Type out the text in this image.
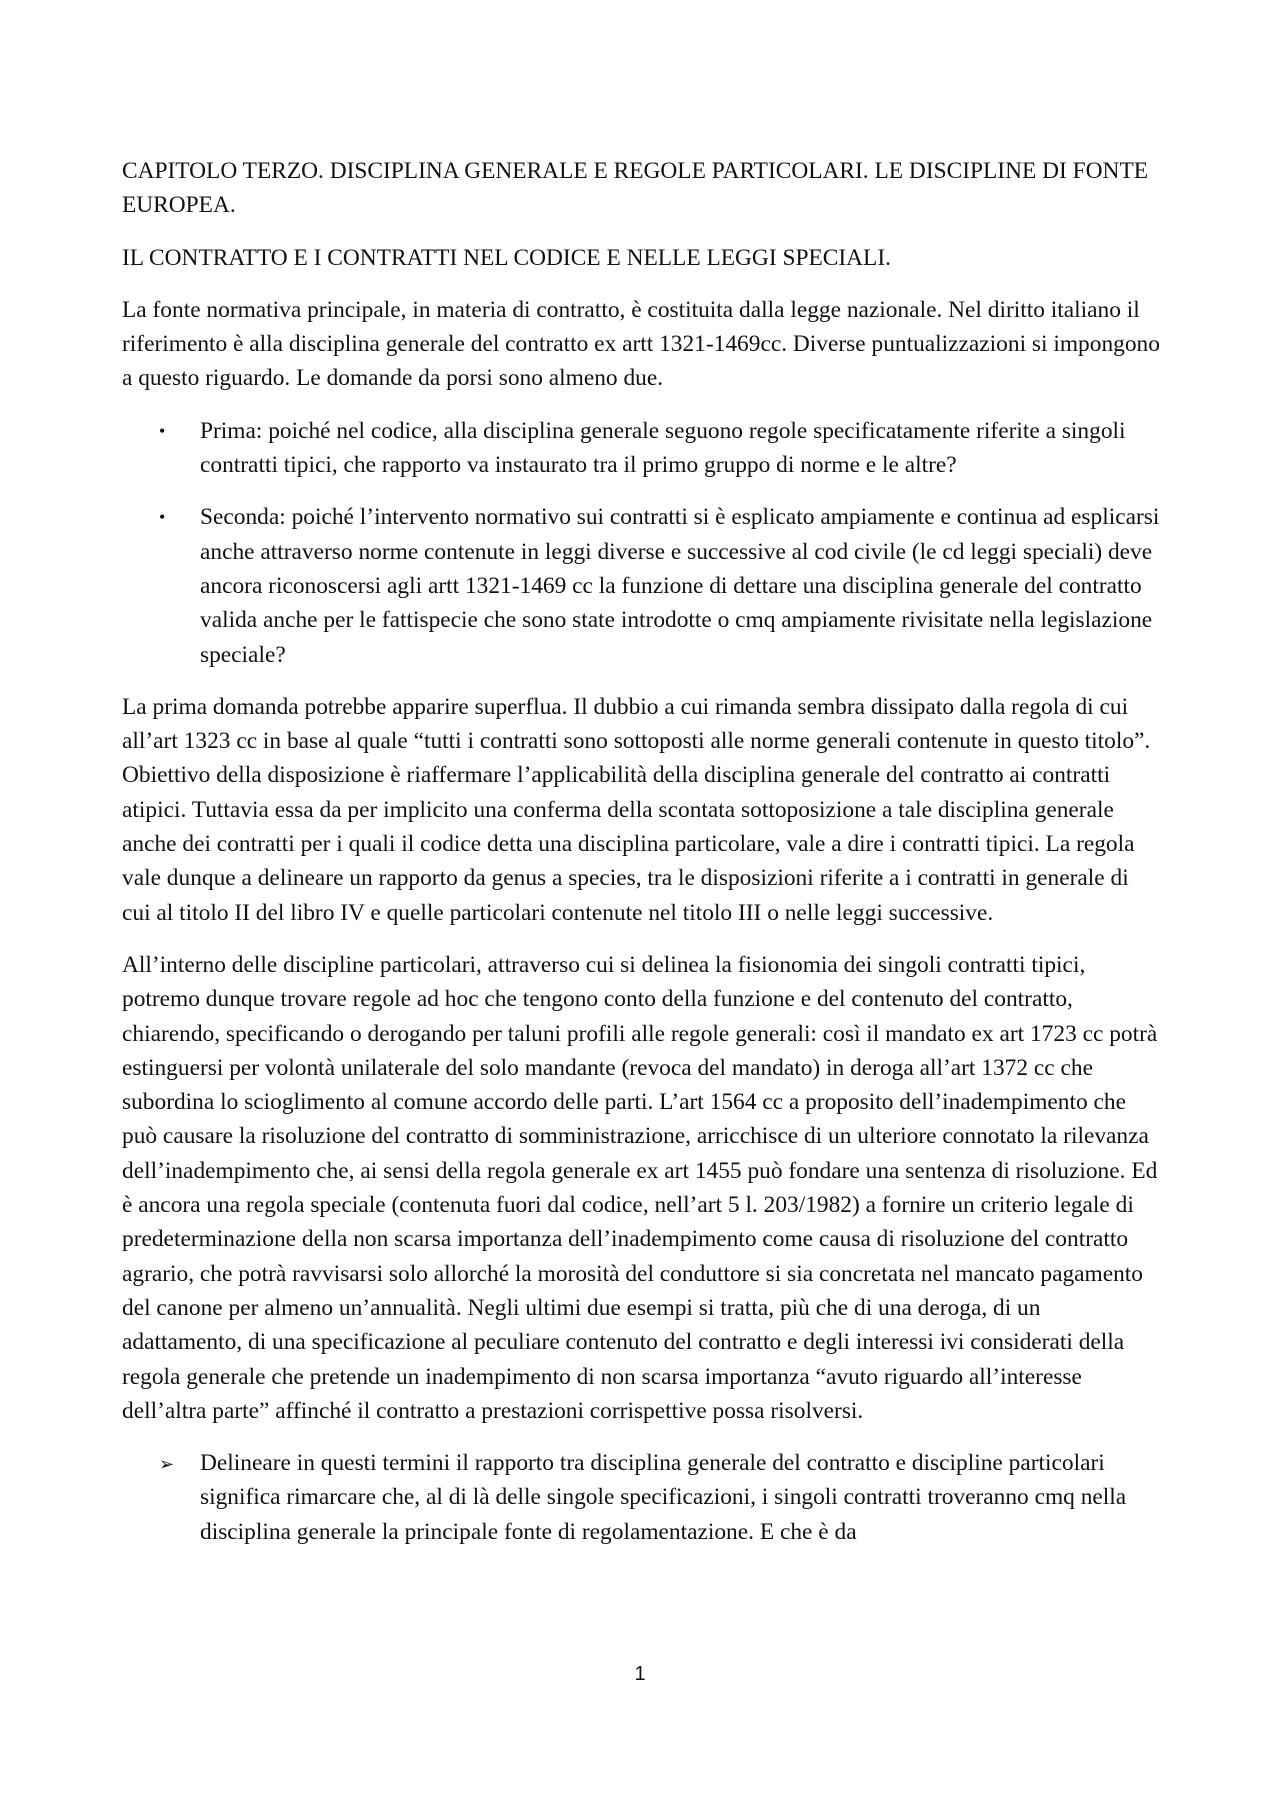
CAPITOLO TERZO. DISCIPLINA GENERALE E REGOLE PARTICOLARI. LE DISCIPLINE DI FONTE EUROPEA.

IL CONTRATTO E I CONTRATTI NEL CODICE E NELLE LEGGI SPECIALI.

La fonte normativa principale, in materia di contratto, è costituita dalla legge nazionale. Nel diritto italiano il riferimento è alla disciplina generale del contratto ex artt 1321-1469cc. Diverse puntualizzazioni si impongono a questo riguardo. Le domande da porsi sono almeno due.

• Prima: poiché nel codice, alla disciplina generale seguono regole specificatamente riferite a singoli contratti tipici, che rapporto va instaurato tra il primo gruppo di norme e le altre?
• Seconda: poiché l’intervento normativo sui contratti si è esplicato ampiamente e continua ad esplicarsi anche attraverso norme contenute in leggi diverse e successive al cod civile (le cd leggi speciali) deve ancora riconoscersi agli artt 1321-1469 cc la funzione di dettare una disciplina generale del contratto valida anche per le fattispecie che sono state introdotte o cmq ampiamente rivisitate nella legislazione speciale?

La prima domanda potrebbe apparire superflua. Il dubbio a cui rimanda sembra dissipato dalla regola di cui all’art 1323 cc in base al quale “tutti i contratti sono sottoposti alle norme generali contenute in questo titolo”. Obiettivo della disposizione è riaffermare l’applicabilità della disciplina generale del contratto ai contratti atipici. Tuttavia essa da per implicito una conferma della scontata sottoposizione a tale disciplina generale anche dei contratti per i quali il codice detta una disciplina particolare, vale a dire i contratti tipici. La regola vale dunque a delineare un rapporto da genus a species, tra le disposizioni riferite a i contratti in generale di cui al titolo II del libro IV e quelle particolari contenute nel titolo III o nelle leggi successive.

All’interno delle discipline particolari, attraverso cui si delinea la fisionomia dei singoli contratti tipici, potremo dunque trovare regole ad hoc che tengono conto della funzione e del contenuto del contratto, chiarendo, specificando o derogando per taluni profili alle regole generali: così il mandato ex art 1723 cc potrà estinguersi per volontà unilaterale del solo mandante (revoca del mandato) in deroga all’art 1372 cc che subordina lo scioglimento al comune accordo delle parti. L’art 1564 cc a proposito dell’inadempimento che può causare la risoluzione del contratto di somministrazione, arricchisce di un ulteriore connotato la rilevanza dell’inadempimento che, ai sensi della regola generale ex art 1455 può fondare una sentenza di risoluzione. Ed è ancora una regola speciale (contenuta fuori dal codice, nell’art 5 l. 203/1982) a fornire un criterio legale di predeterminazione della non scarsa importanza dell’inadempimento come causa di risoluzione del contratto agrario, che potrà ravvisarsi solo allorché la morosità del conduttore si sia concretata nel mancato pagamento del canone per almeno un’annualità. Negli ultimi due esempi si tratta, più che di una deroga, di un adattamento, di una specificazione al peculiare contenuto del contratto e degli interessi ivi considerati della regola generale che pretende un inadempimento di non scarsa importanza “avuto riguardo all’interesse dell’altra parte” affinché il contratto a prestazioni corrispettive possa risolversi.

➢ Delineare in questi termini il rapporto tra disciplina generale del contratto e discipline particolari significa rimarcare che, al di là delle singole specificazioni, i singoli contratti troveranno cmq nella disciplina generale la principale fonte di regolamentazione. E che è da
1
